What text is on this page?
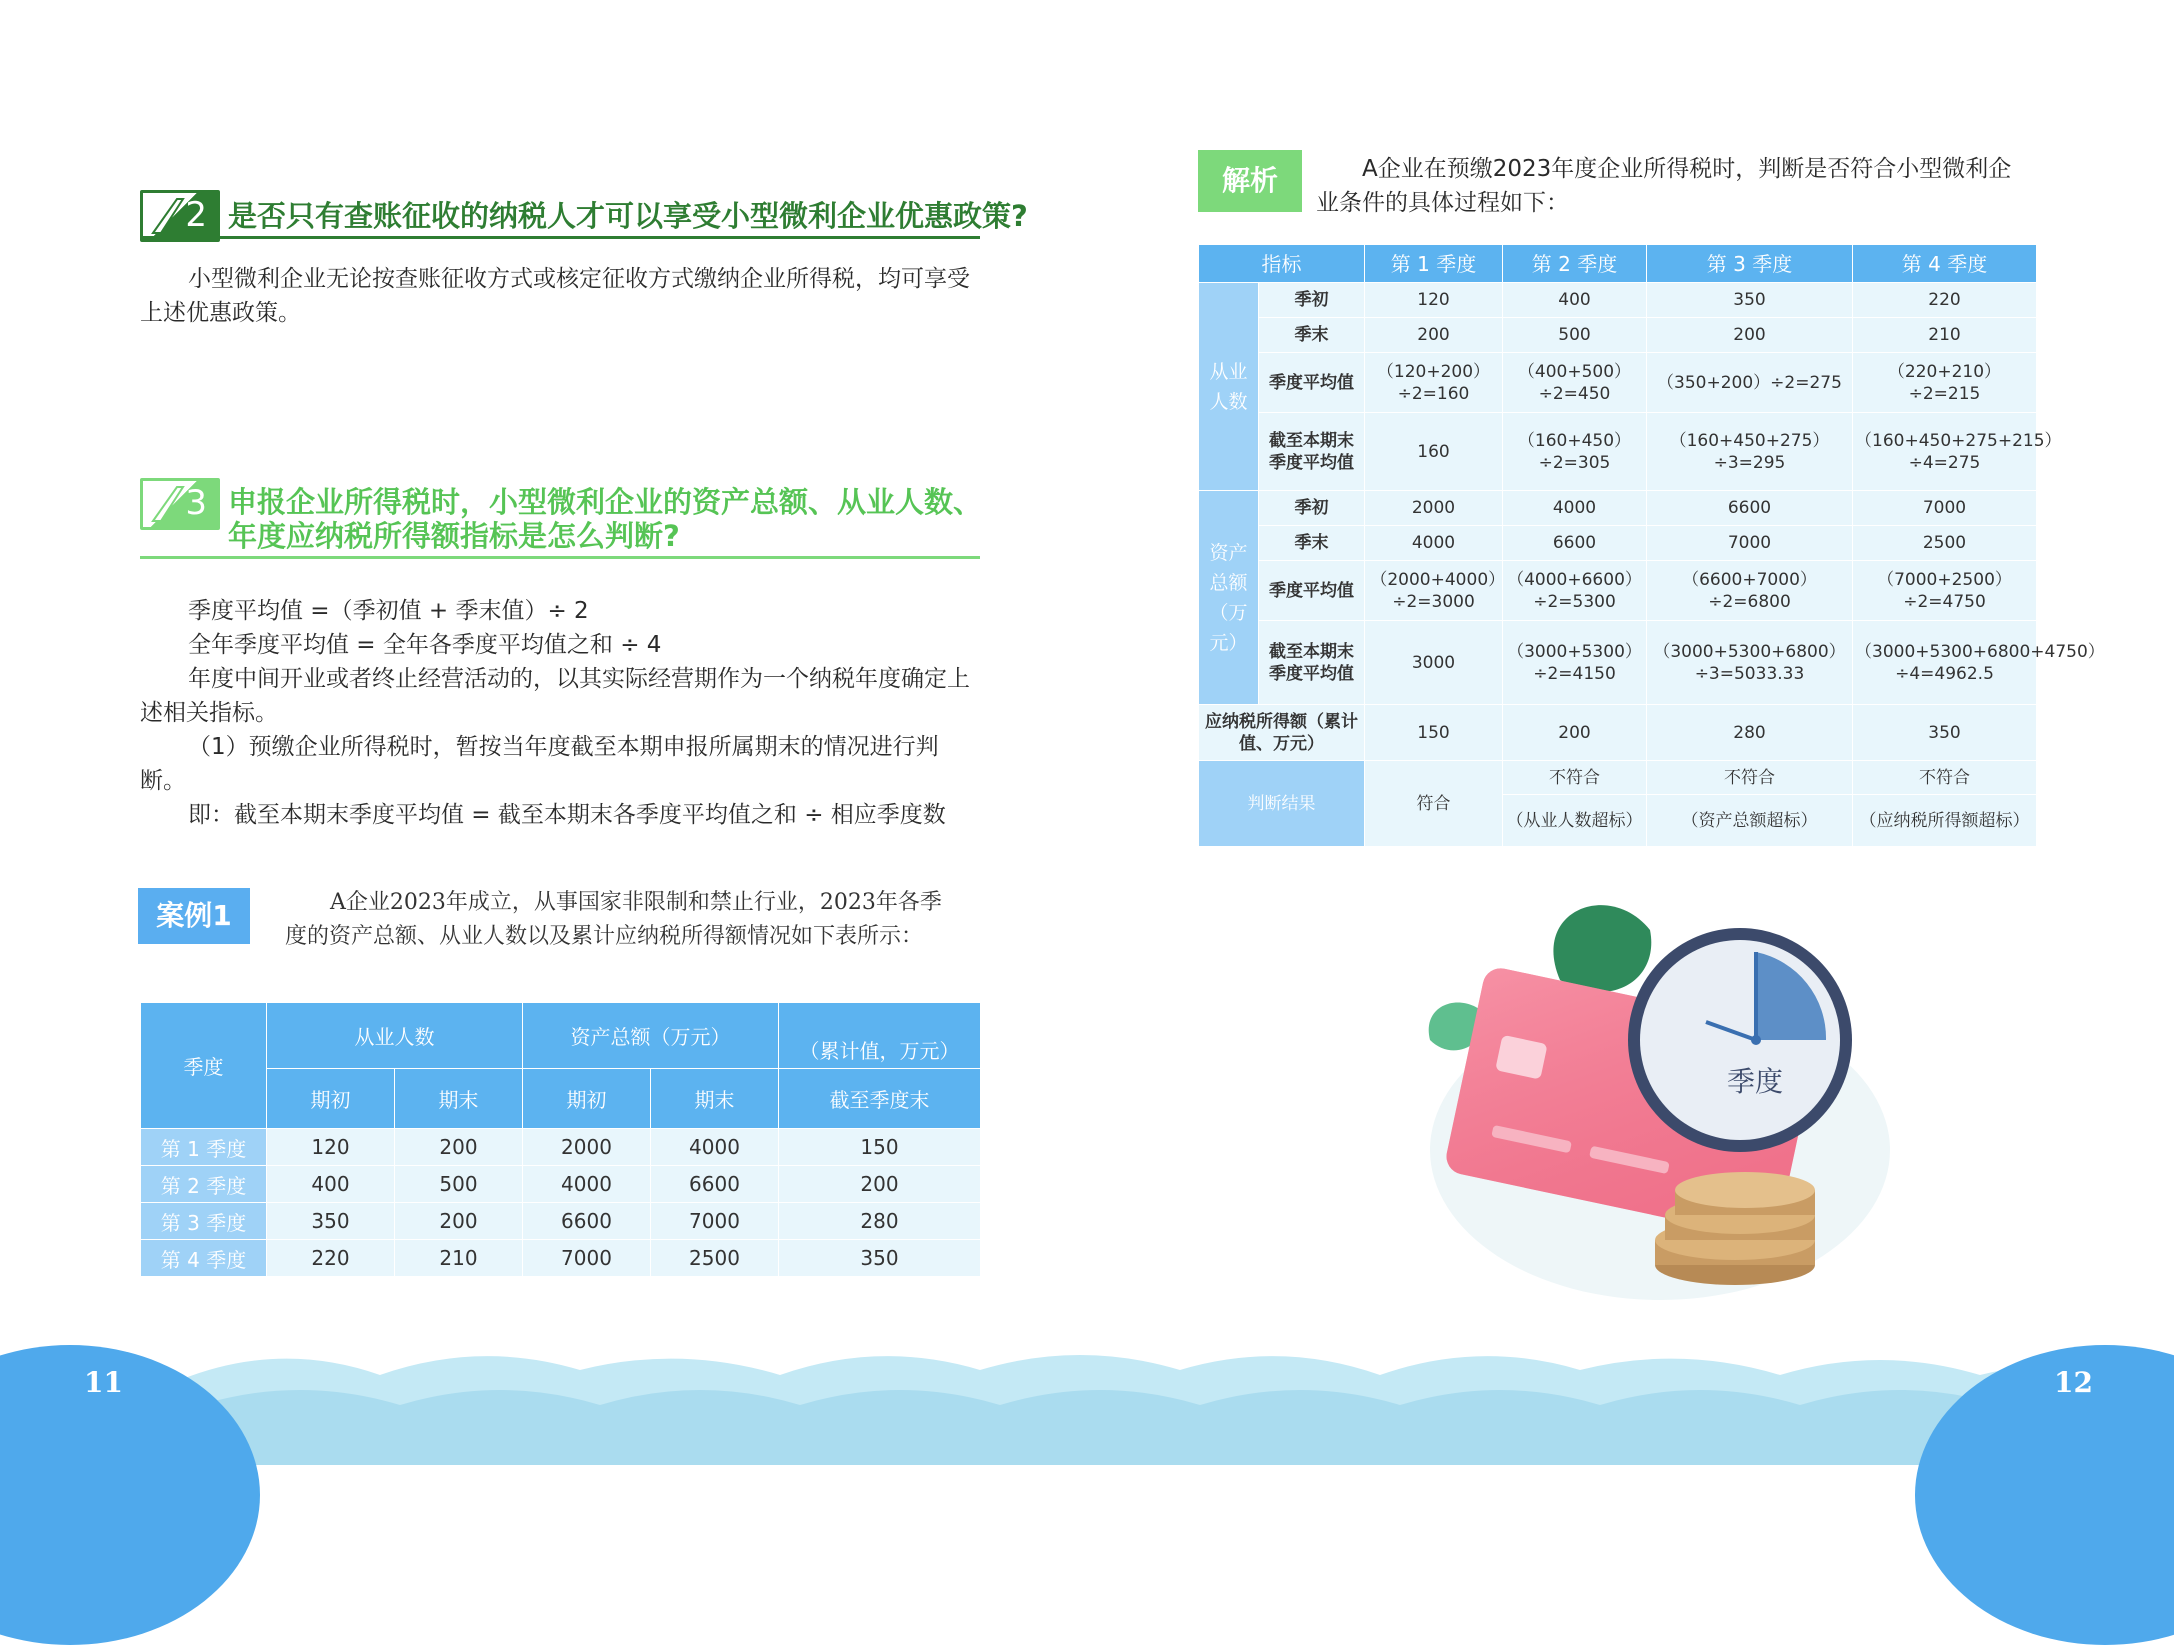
2 是否只有查账征收的纳税人才可以享受小型微利企业优惠政策?

小型微利企业无论按查账征收方式或核定征收方式缴纳企业所得税，均可享受上述优惠政策。

3 申报企业所得税时，小型微利企业的资产总额、从业人数、
年度应纳税所得额指标是怎么判断?

季度平均值 =（季初值 + 季末值）÷ 2

全年季度平均值 = 全年各季度平均值之和 ÷ 4

年度中间开业或者终止经营活动的，以其实际经营期作为一个纳税年度确定上述相关指标。

（1）预缴企业所得税时，暂按当年度截至本期申报所属期末的情况进行判断。

即：截至本期末季度平均值 = 截至本期末各季度平均值之和 ÷ 相应季度数

案例1	A企业2023年成立，从事国家非限制和禁止行业，2023年各季

度的资产总额、从业人数以及累计应纳税所得额情况如下表所示：

季度	从业人数		资产总额（万元）		（累计值，万元）
	期初	期末	期初	期末	截至季度末
第 1 季度	120	200	2000	4000	150
第 2 季度	400	500	4000	6600	200
第 3 季度	350	200	6600	7000	280
第 4 季度	220	210	7000	2500	350
解析	A企业在预缴2023年度企业所得税时，判断是否符合小型微利企

业条件的具体过程如下：

指标		第 1 季度	第 2 季度	第 3 季度	第 4 季度
从业人数	季初	120	400	350	220
	季末	200	500	200	210
	季度平均值	（120+200）÷2=160	（400+500）÷2=450	（350+200）÷2=275	（220+210）÷2=215
	截至本期末季度平均值	160	（160+450）÷2=305	（160+450+275）÷3=295	（160+450+275+215）÷4=275
资产总额（万元）	季初	2000	4000	6600	7000
	季末	4000	6600	7000	2500
	季度平均值	（2000+4000）÷2=3000	（4000+6600）÷2=5300	（6600+7000）÷2=6800	（7000+2500）÷2=4750
	截至本期末季度平均值	3000	（3000+5300）÷2=4150	（3000+5300+6800）÷3=5033.33	（3000+5300+6800+4750）÷4=4962.5
应纳税所得额（累计值、万元）		150	200	280	350
判断结果		符合	不符合	不符合	不符合
			（从业人数超标）	（资产总额超标）	（应纳税所得额超标）
季度
11	12
